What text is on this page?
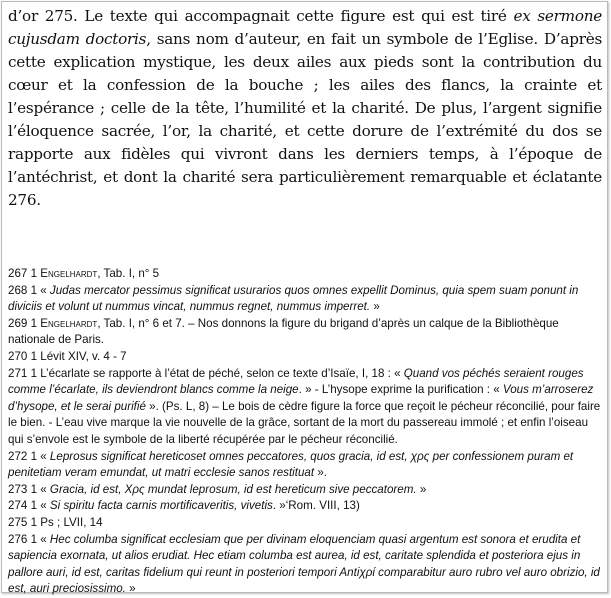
d’or 275. Le texte qui accompagnait cette figure est qui est tiré ex sermone cujusdam doctoris, sans nom d’auteur, en fait un symbole de l’Eglise. D’après cette explication mystique, les deux ailes aux pieds sont la contribution du cœur et la confession de la bouche ; les ailes des flancs, la crainte et l’espérance ; celle de la tête, l’humilité et la charité. De plus, l’argent signifie l’éloquence sacrée, l’or, la charité, et cette dorure de l’extrémité du dos se rapporte aux fidèles qui vivront dans les derniers temps, à l’époque de l’antéchrist, et dont la charité sera particulièrement remarquable et éclatante 276.

267 1 Engelhardt, Tab. I, n° 5

268 1 « Judas mercator pessimus significat usurarios quos omnes expellit Dominus, quia spem suam ponunt in diviciis et volunt ut nummus vincat, nummus regnet, nummus imperret. »

269 1 Engelhardt, Tab. I, n° 6 et 7. – Nos donnons la figure du brigand d’après un calque de la Bibliothèque nationale de Paris.

270 1 Lévit XIV, v. 4 - 7

271 1 L’écarlate se rapporte à l’état de péché, selon ce texte d’Isaïe, I, 18 : « Quand vos péchés seraient rouges comme l’écarlate, ils deviendront blancs comme la neige. » - L’hysope exprime la purification : « Vous m’arroserez d’hysope, et le serai purifié ». (Ps. L, 8) – Le bois de cèdre figure la force que reçoit le pécheur réconcilié, pour faire le bien. - L’eau vive marque la vie nouvelle de la grâce, sortant de la mort du passereau immolé ; et enfin l’oiseau qui s’envole est le symbole de la liberté récupérée par le pécheur réconcilié.

272 1 « Leprosus significat hereticoset omnes peccatores, quos gracia, id est, χρς per confessionem puram et penitetiam veram emundat, ut matri ecclesie sanos restituat ».

273 1 « Gracia, id est, Χρς mundat leprosum, id est hereticum sive peccatorem. »

274 1 « Si spiritu facta carnis mortificaveritis, vivetis. »‘Rom. VIII, 13)

275 1 Ps ; LVII, 14

276 1 « Hec columba significat ecclesiam que per divinam eloquenciam quasi argentum est sonora et erudita et sapiencia exornata, ut alios erudiat. Hec etiam columba est aurea, id est, caritate splendida et posteriora ejus in pallore auri, id est, caritas fidelium qui reunt in posteriori tempori Antiχρί comparabitur auro rubro vel auro obrizio, id est, auri preciosissimo. »
